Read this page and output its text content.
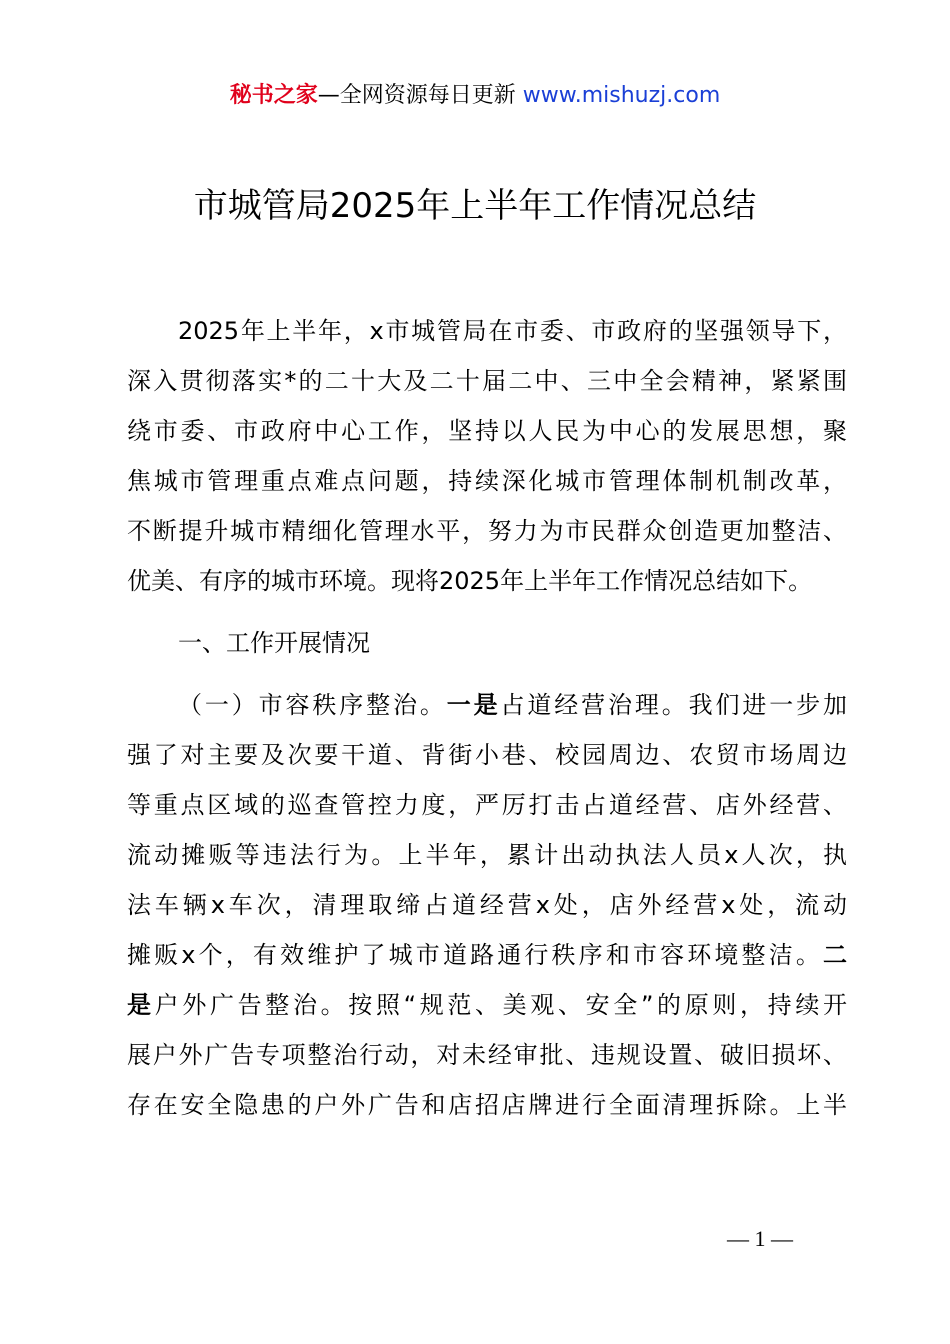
秘书之家—全网资源每日更新 www.mishuzj.com
市城管局2025年上半年工作情况总结
2025年上半年，x市城管局在市委、市政府的坚强领导下，
深入贯彻落实*的二十大及二十届二中、三中全会精神，紧紧围
绕市委、市政府中心工作，坚持以人民为中心的发展思想，聚
焦城市管理重点难点问题，持续深化城市管理体制机制改革，
不断提升城市精细化管理水平，努力为市民群众创造更加整洁、
优美、有序的城市环境。现将2025年上半年工作情况总结如下。
一、工作开展情况
（一）市容秩序整治。一是占道经营治理。我们进一步加
强了对主要及次要干道、背街小巷、校园周边、农贸市场周边
等重点区域的巡查管控力度，严厉打击占道经营、店外经营、
流动摊贩等违法行为。上半年，累计出动执法人员x人次，执
法车辆x车次，清理取缔占道经营x处，店外经营x处，流动
摊贩x个，有效维护了城市道路通行秩序和市容环境整洁。二
是户外广告整治。按照“规范、美观、安全”的原则，持续开
展户外广告专项整治行动，对未经审批、违规设置、破旧损坏、
存在安全隐患的户外广告和店招店牌进行全面清理拆除。上半
— 1 —
